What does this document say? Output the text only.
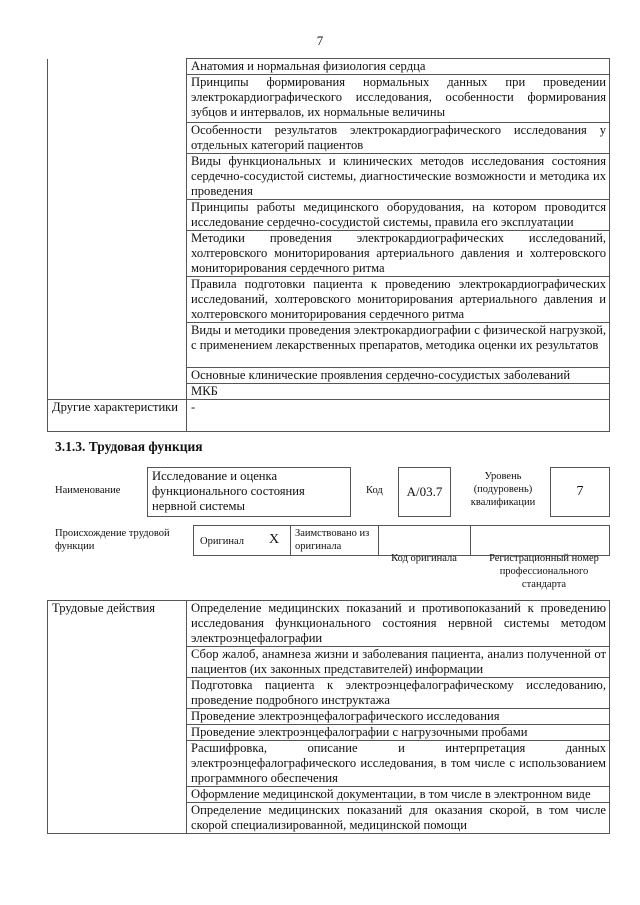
7
	Анатомия и нормальная физиология сердца
	Принципы формирования нормальных данных при проведении электрокардиографического исследования, особенности формирования зубцов и интервалов, их нормальные величины
	Особенности результатов электрокардиографического исследования у отдельных категорий пациентов
	Виды функциональных и клинических методов исследования состояния сердечно-сосудистой системы, диагностические возможности и методика их проведения
	Принципы работы медицинского оборудования, на котором проводится исследование сердечно-сосудистой системы, правила его эксплуатации
	Методики проведения электрокардиографических исследований, холтеровского мониторирования артериального давления и холтеровского мониторирования сердечного ритма
	Правила подготовки пациента к проведению электрокардиографических исследований, холтеровского мониторирования артериального давления и холтеровского мониторирования сердечного ритма
	Виды и методики проведения электрокардиографии с физической нагрузкой, с применением лекарственных препаратов, методика оценки их результатов
	Основные клинические проявления сердечно-сосудистых заболеваний
	МКБ
Другие характеристики	-
3.1.3. Трудовая функция
Наименование
Исследование и оценка функционального состояния нервной системы
Код	А/03.7
Уровень (подуровень) квалификации
7
Происхождение трудовой функции	Оригинал Х	Заимствовано из оригинала
Код оригинала	Регистрационный номер профессионального стандарта
Трудовые действия	Определение медицинских показаний и противопоказаний к проведению исследования функционального состояния нервной системы методом электроэнцефалографии
Сбор жалоб, анамнеза жизни и заболевания пациента, анализ полученной от пациентов (их законных представителей) информации
Подготовка пациента к электроэнцефалографическому исследованию, проведение подробного инструктажа
Проведение электроэнцефалографического исследования
Проведение электроэнцефалографии с нагрузочными пробами
Расшифровка, описание и интерпретация данных электроэнцефалографического исследования, в том числе с использованием программного обеспечения
Оформление медицинской документации, в том числе в электронном виде
Определение медицинских показаний для оказания скорой, в том числе скорой специализированной, медицинской помощи
